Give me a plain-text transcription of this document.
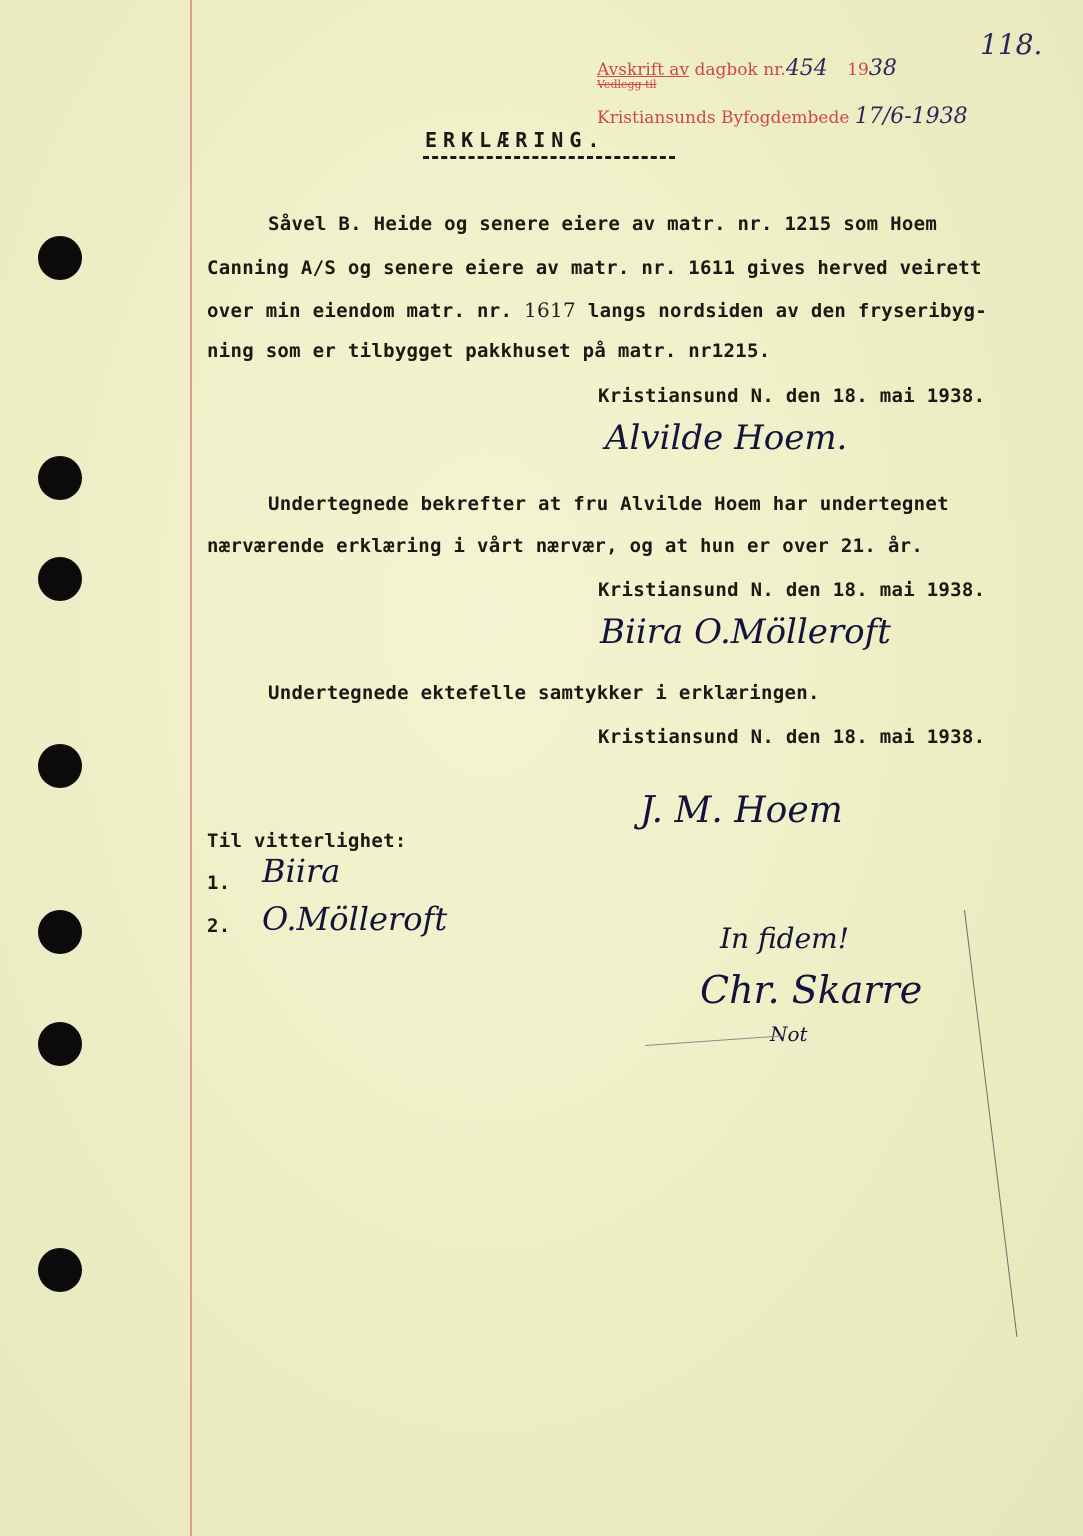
118.
Avskrift av dagbok nr.454 1938
Vedlegg til
Kristiansunds Byfogdembede 17/6-1938
ERKLÆRING.
Såvel B. Heide og senere eiere av matr. nr. 1215 som Hoem
Canning A/S og senere eiere av matr. nr. 1611 gives herved veirett
over min eiendom matr. nr. 1617 langs nordsiden av den fryseribyg-
ning som er tilbygget pakkhuset på matr. nr1215.
Kristiansund N. den 18. mai 1938.
Alvilde Hoem.
Undertegnede bekrefter at fru Alvilde Hoem har undertegnet
nærværende erklæring i vårt nærvær, og at hun er over 21. år.
Kristiansund N. den 18. mai 1938.
Biira O.Mölleroft
Undertegnede ektefelle samtykker i erklæringen.
Kristiansund N. den 18. mai 1938.
J. M. Hoem
Til vitterlighet:
1. Biira
2. O.Mölleroft
In fidem!
Chr. Skarre
Not
